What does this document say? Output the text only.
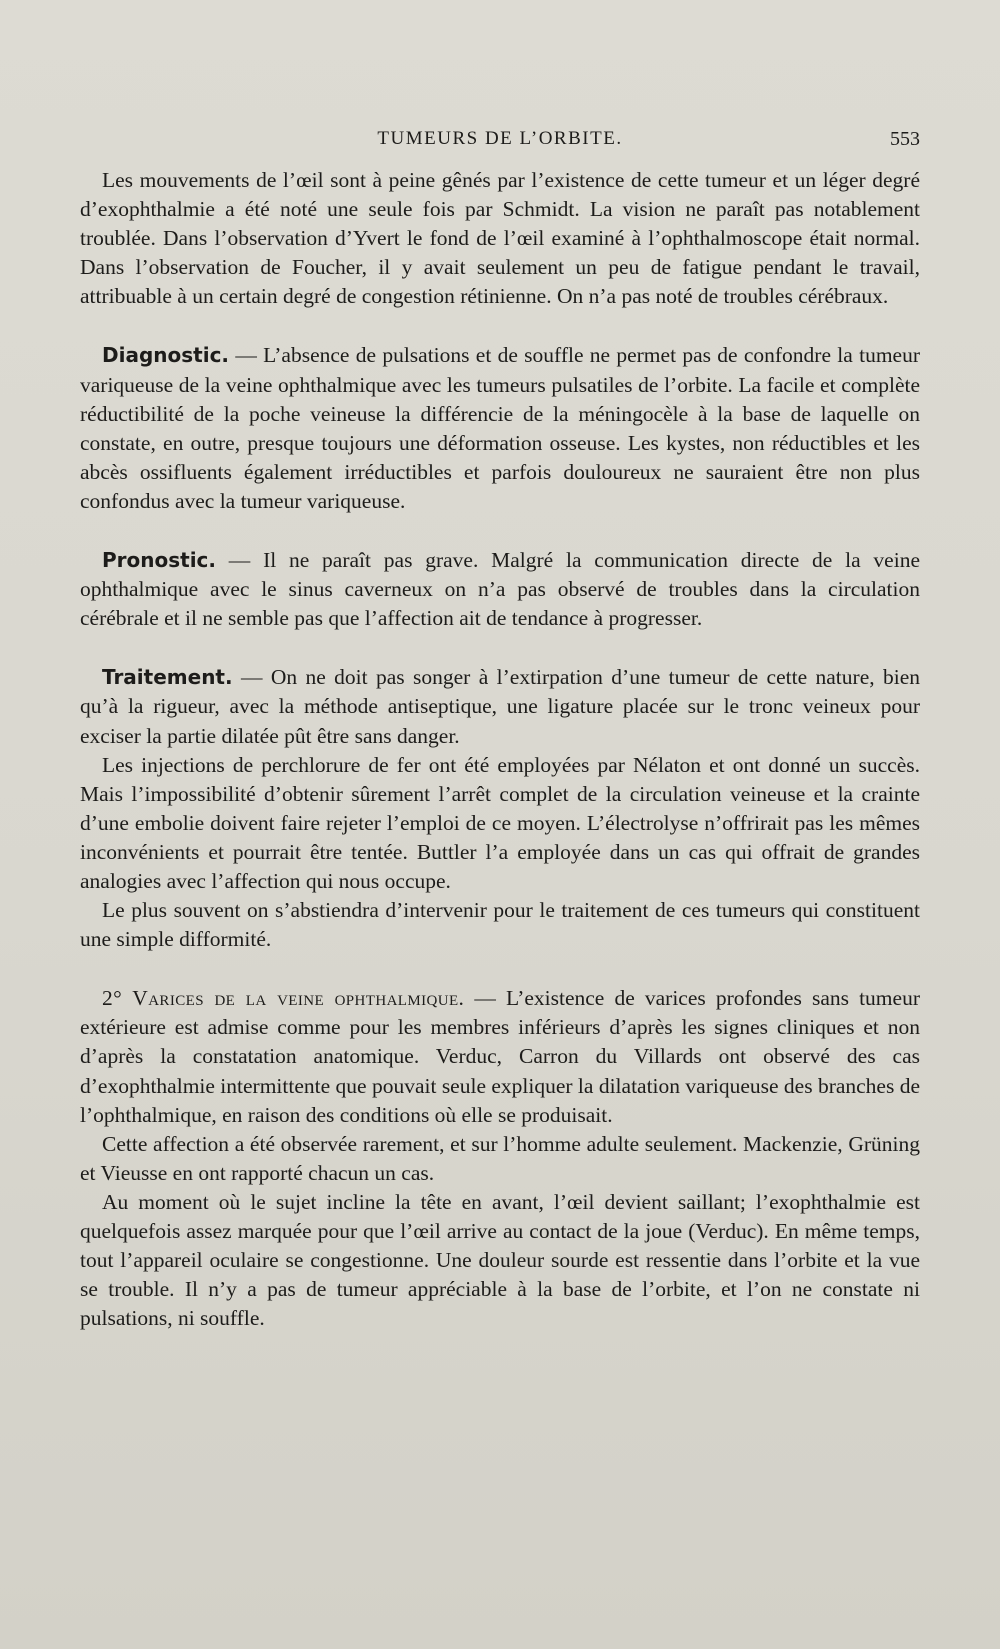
TUMEURS DE L’ORBITE.	553

Les mouvements de l’œil sont à peine gênés par l’existence de cette tumeur et un léger degré d’exophthalmie a été noté une seule fois par Schmidt. La vision ne paraît pas notablement troublée. Dans l’observation d’Yvert le fond de l’œil examiné à l’ophthalmoscope était normal. Dans l’observation de Foucher, il y avait seulement un peu de fatigue pendant le travail, attribuable à un certain degré de congestion rétinienne. On n’a pas noté de troubles cérébraux.

Diagnostic. — L’absence de pulsations et de souffle ne permet pas de confondre la tumeur variqueuse de la veine ophthalmique avec les tumeurs pulsatiles de l’orbite. La facile et complète réductibilité de la poche veineuse la différencie de la méningocèle à la base de laquelle on constate, en outre, presque toujours une déformation osseuse. Les kystes, non réductibles et les abcès ossifluents également irréductibles et parfois douloureux ne sauraient être non plus confondus avec la tumeur variqueuse.

Pronostic. — Il ne paraît pas grave. Malgré la communication directe de la veine ophthalmique avec le sinus caverneux on n’a pas observé de troubles dans la circulation cérébrale et il ne semble pas que l’affection ait de tendance à progresser.

Traitement. — On ne doit pas songer à l’extirpation d’une tumeur de cette nature, bien qu’à la rigueur, avec la méthode antiseptique, une ligature placée sur le tronc veineux pour exciser la partie dilatée pût être sans danger.

Les injections de perchlorure de fer ont été employées par Nélaton et ont donné un succès. Mais l’impossibilité d’obtenir sûrement l’arrêt complet de la circulation veineuse et la crainte d’une embolie doivent faire rejeter l’emploi de ce moyen. L’électrolyse n’offrirait pas les mêmes inconvénients et pourrait être tentée. Buttler l’a employée dans un cas qui offrait de grandes analogies avec l’affection qui nous occupe.

Le plus souvent on s’abstiendra d’intervenir pour le traitement de ces tumeurs qui constituent une simple difformité.

2° Varices de la veine ophthalmique. — L’existence de varices profondes sans tumeur extérieure est admise comme pour les membres inférieurs d’après les signes cliniques et non d’après la constatation anatomique. Verduc, Carron du Villards ont observé des cas d’exophthalmie intermittente que pouvait seule expliquer la dilatation variqueuse des branches de l’ophthalmique, en raison des conditions où elle se produisait.

Cette affection a été observée rarement, et sur l’homme adulte seulement. Mackenzie, Grüning et Vieusse en ont rapporté chacun un cas.

Au moment où le sujet incline la tête en avant, l’œil devient saillant; l’exophthalmie est quelquefois assez marquée pour que l’œil arrive au contact de la joue (Verduc). En même temps, tout l’appareil oculaire se congestionne. Une douleur sourde est ressentie dans l’orbite et la vue se trouble. Il n’y a pas de tumeur appréciable à la base de l’orbite, et l’on ne constate ni pulsations, ni souffle.
